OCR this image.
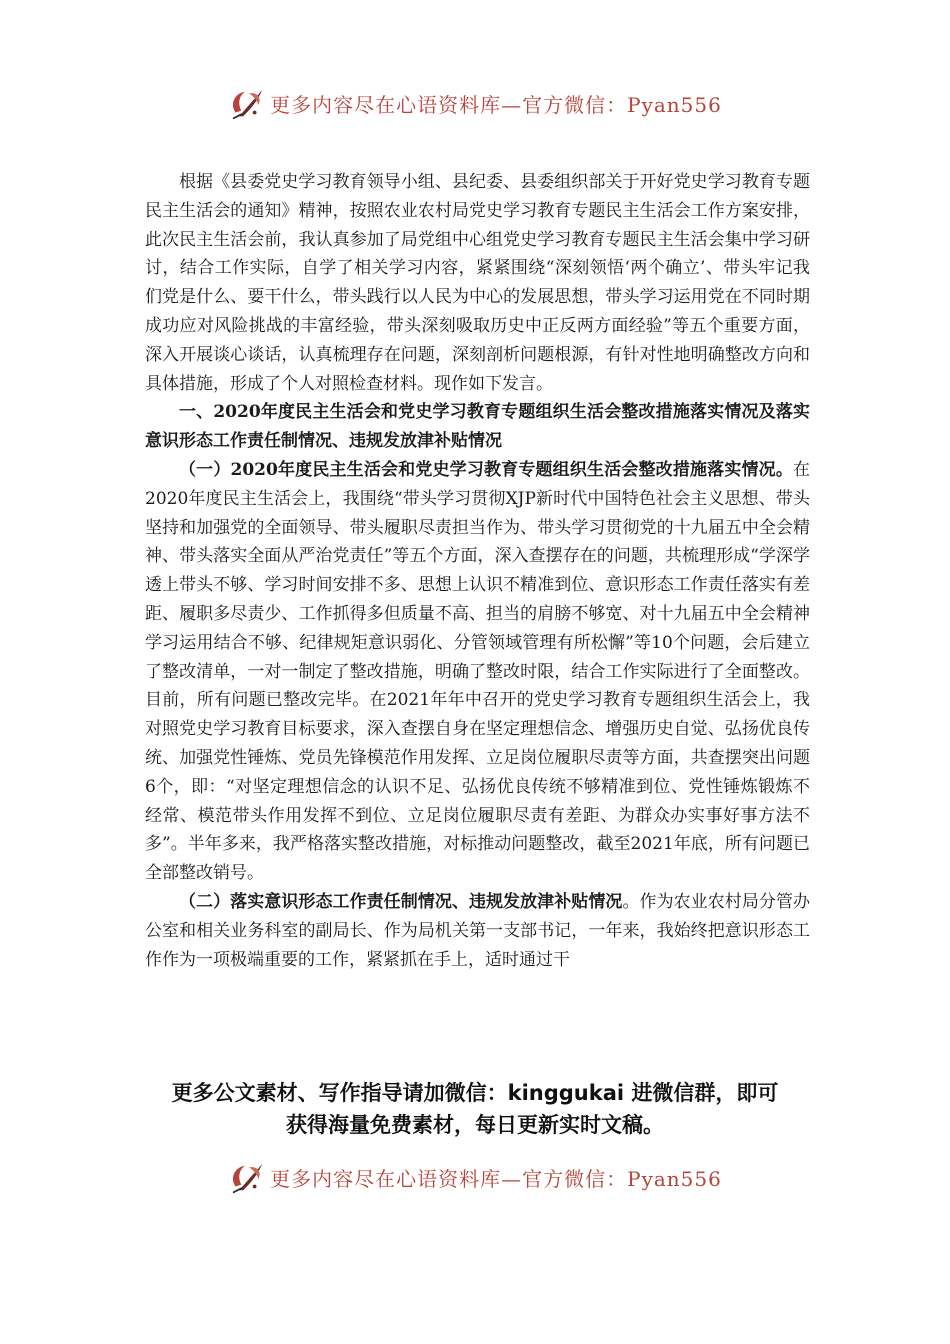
更多内容尽在心语资料库—官方微信：Pyan556

根据《县委党史学习教育领导小组、县纪委、县委组织部关于开好党史学习教育专题民主生活会的通知》精神，按照农业农村局党史学习教育专题民主生活会工作方案安排，此次民主生活会前，我认真参加了局党组中心组党史学习教育专题民主生活会集中学习研讨，结合工作实际，自学了相关学习内容，紧紧围绕“深刻领悟‘两个确立’、带头牢记我们党是什么、要干什么，带头践行以人民为中心的发展思想，带头学习运用党在不同时期成功应对风险挑战的丰富经验，带头深刻吸取历史中正反两方面经验”等五个重要方面，深入开展谈心谈话，认真梳理存在问题，深刻剖析问题根源，有针对性地明确整改方向和具体措施，形成了个人对照检查材料。现作如下发言。

一、2020年度民主生活会和党史学习教育专题组织生活会整改措施落实情况及落实意识形态工作责任制情况、违规发放津补贴情况

（一）2020年度民主生活会和党史学习教育专题组织生活会整改措施落实情况。在2020年度民主生活会上，我围绕“带头学习贯彻XJP新时代中国特色社会主义思想、带头坚持和加强党的全面领导、带头履职尽责担当作为、带头学习贯彻党的十九届五中全会精神、带头落实全面从严治党责任”等五个方面，深入查摆存在的问题，共梳理形成“学深学透上带头不够、学习时间安排不多、思想上认识不精准到位、意识形态工作责任落实有差距、履职多尽责少、工作抓得多但质量不高、担当的肩膀不够宽、对十九届五中全会精神学习运用结合不够、纪律规矩意识弱化、分管领域管理有所松懈”等10个问题，会后建立了整改清单，一对一制定了整改措施，明确了整改时限，结合工作实际进行了全面整改。目前，所有问题已整改完毕。在2021年年中召开的党史学习教育专题组织生活会上，我对照党史学习教育目标要求，深入查摆自身在坚定理想信念、增强历史自觉、弘扬优良传统、加强党性锤炼、党员先锋模范作用发挥、立足岗位履职尽责等方面，共查摆突出问题6个，即：“对坚定理想信念的认识不足、弘扬优良传统不够精准到位、党性锤炼锻炼不经常、模范带头作用发挥不到位、立足岗位履职尽责有差距、为群众办实事好事方法不多”。半年多来，我严格落实整改措施，对标推动问题整改，截至2021年底，所有问题已全部整改销号。

（二）落实意识形态工作责任制情况、违规发放津补贴情况。作为农业农村局分管办公室和相关业务科室的副局长、作为局机关第一支部书记，一年来，我始终把意识形态工作作为一项极端重要的工作，紧紧抓在手上，适时通过干

更多公文素材、写作指导请加微信：kinggukai 进微信群，即可
获得海量免费素材，每日更新实时文稿。
更多内容尽在心语资料库—官方微信：Pyan556
